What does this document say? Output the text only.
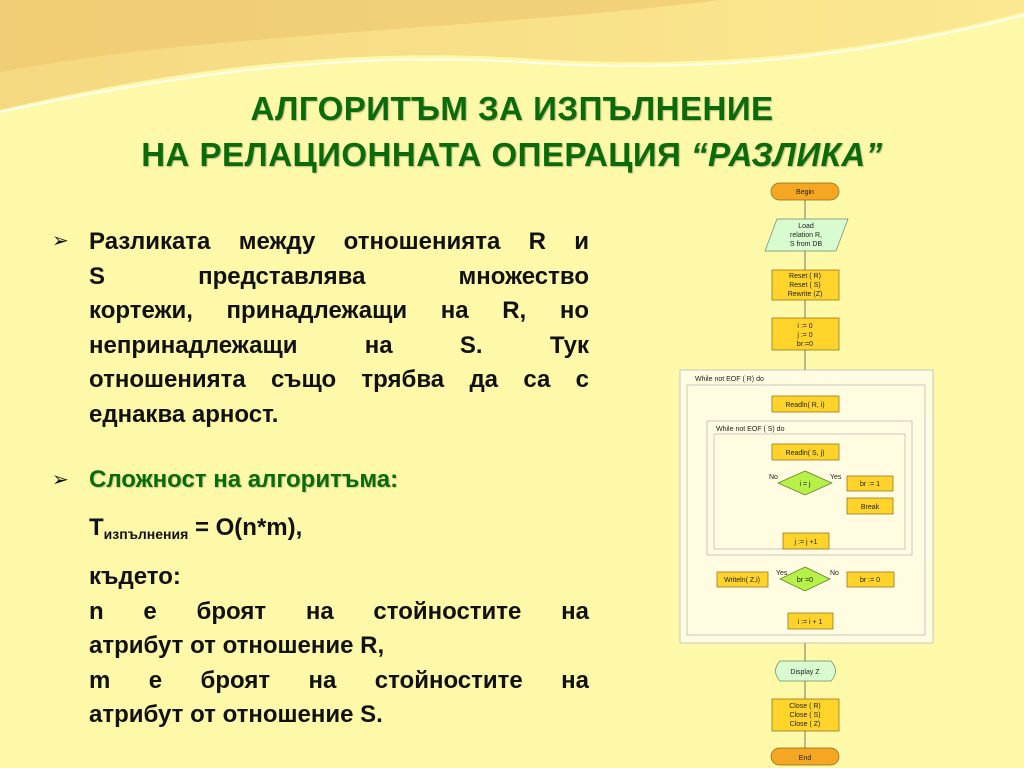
АЛГОРИТЪМ ЗА ИЗПЪЛНЕНИЕ
НА РЕЛАЦИОННАТА ОПЕРАЦИЯ “РАЗЛИКА”
➢ Разликата между отношенията R и
S представлява множество
кортежи, принадлежащи на R, но
непринадлежащи на S. Тук
отношенията също трябва да са с
еднаква арност.
➢ Сложност на алгоритъма:
$T_{изпълнения} = O(n*m)$,
където:
n е броят на стойностите на
атрибут от отношение R,
m е броят на стойностите на
атрибут от отношение S.
While not EOF ( R) do
While not EOF ( S) do
Begin
Load
relation R,
S from DB
Reset ( R)
Reset ( S)
Rewrite (Z)
i := 0
j := 0
br:=0
Readln( R, i)
Readln( S, j)
i = j
No	Yes
br := 1
Break
j := j +1
br =0
Yes	No
Writeln( Z,i)	br := 0
i := i + 1
Display Z
Close ( R)
Close ( S)
Close ( Z)
End
